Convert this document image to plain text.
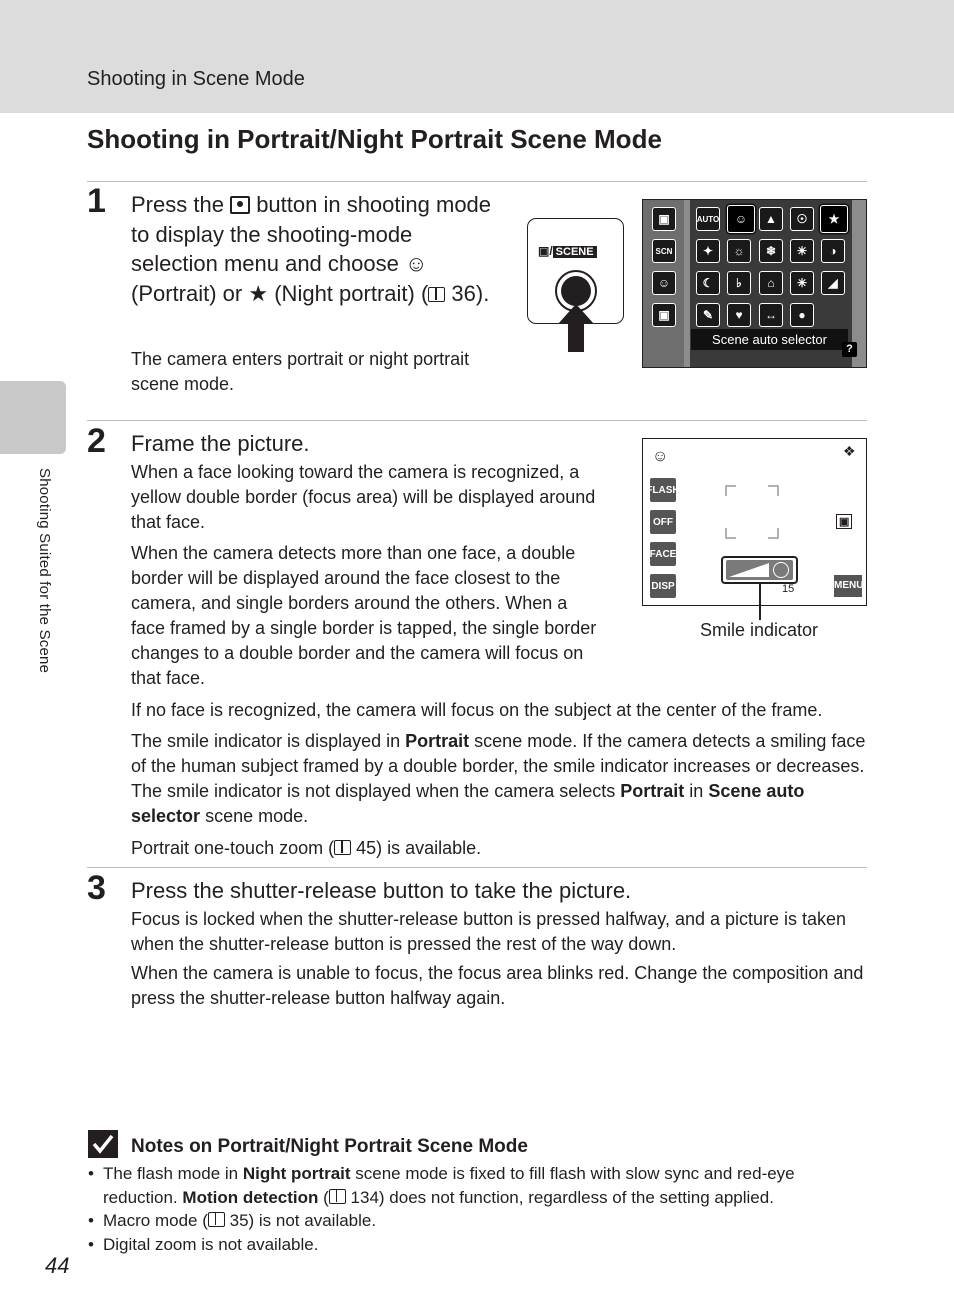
Shooting in Scene Mode
Shooting Suited for the Scene
Shooting in Portrait/Night Portrait Scene Mode
1 Press the button in shooting mode to display the shooting-mode selection menu and choose ☺ (Portrait) or ★ (Night portrait) ( 36).
The camera enters portrait or night portrait scene mode.
▣/ SCENE
▣
SCN
☺
▣
AUTO	☺	▲	☉	★
✦	☼	❄	☀	◑
☾	♭	⌂	✳	◢
✎	♥	↔	●
Scene auto selector
?
2 Frame the picture.
When a face looking toward the camera is recognized, a yellow double border (focus area) will be displayed around that face.
When the camera detects more than one face, a double border will be displayed around the face closest to the camera, and single borders around the others. When a face framed by a single border is tapped, the single border changes to a double border and the camera will focus on that face.
If no face is recognized, the camera will focus on the subject at the center of the frame.
The smile indicator is displayed in Portrait scene mode. If the camera detects a smiling face of the human subject framed by a double border, the smile indicator increases or decreases. The smile indicator is not displayed when the camera selects Portrait in Scene auto selector scene mode.
Portrait one-touch zoom ( 45) is available.
☺	❖
FLASH
OFF
FACE
DISP
▣
15	MENU
Smile indicator
3 Press the shutter-release button to take the picture.
Focus is locked when the shutter-release button is pressed halfway, and a picture is taken when the shutter-release button is pressed the rest of the way down.
When the camera is unable to focus, the focus area blinks red. Change the composition and press the shutter-release button halfway again.
Notes on Portrait/Night Portrait Scene Mode
• The flash mode in Night portrait scene mode is fixed to fill flash with slow sync and red-eye reduction. Motion detection ( 134) does not function, regardless of the setting applied.
• Macro mode ( 35) is not available.
• Digital zoom is not available.
44
